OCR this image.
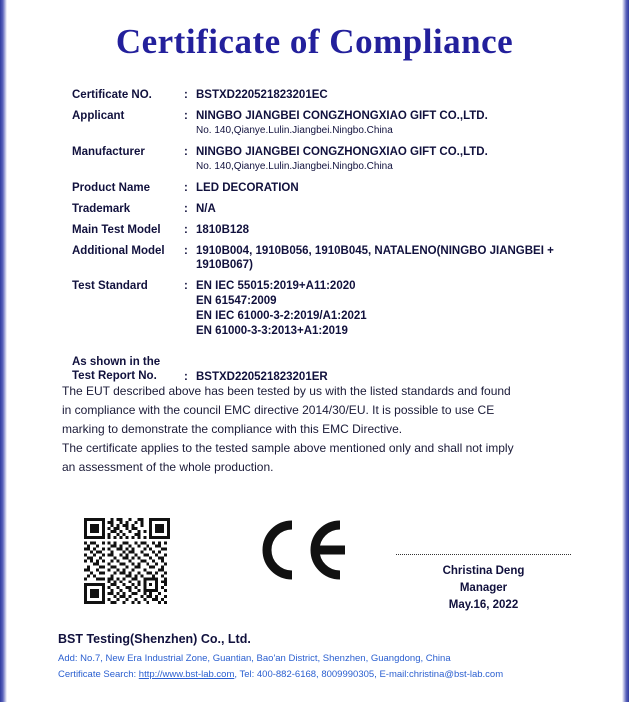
Certificate of Compliance
Certificate NO.	: BSTXD220521823201EC
Applicant	: NINGBO JIANGBEI CONGZHONGXIAO GIFT CO.,LTD.
No. 140,Qianye.Lulin.Jiangbei.Ningbo.China
Manufacturer	: NINGBO JIANGBEI CONGZHONGXIAO GIFT CO.,LTD.
No. 140,Qianye.Lulin.Jiangbei.Ningbo.China
Product Name	: LED DECORATION
Trademark	: N/A
Main Test Model	: 1810B128
Additional Model	: 1910B004, 1910B056, 1910B045, NATALENO(NINGBO JIANGBEI +
1910B067)
Test Standard	: EN IEC 55015:2019+A11:2020
EN 61547:2009
EN IEC 61000-3-2:2019/A1:2021
EN 61000-3-3:2013+A1:2019
As shown in the
Test Report No.	: BSTXD220521823201ER

The EUT described above has been tested by us with the listed standards and found

in compliance with the council EMC directive 2014/30/EU. It is possible to use CE

marking to demonstrate the compliance with this EMC Directive.

The certificate applies to the tested sample above mentioned only and shall not imply

an assessment of the whole production.

Christina Deng
Manager
May.16, 2022
BST Testing(Shenzhen) Co., Ltd.
Add: No.7, New Era Industrial Zone, Guantian, Bao'an District, Shenzhen, Guangdong, China
Certificate Search: http://www.bst-lab.com, Tel: 400-882-6168, 8009990305, E-mail:christina@bst-lab.com
